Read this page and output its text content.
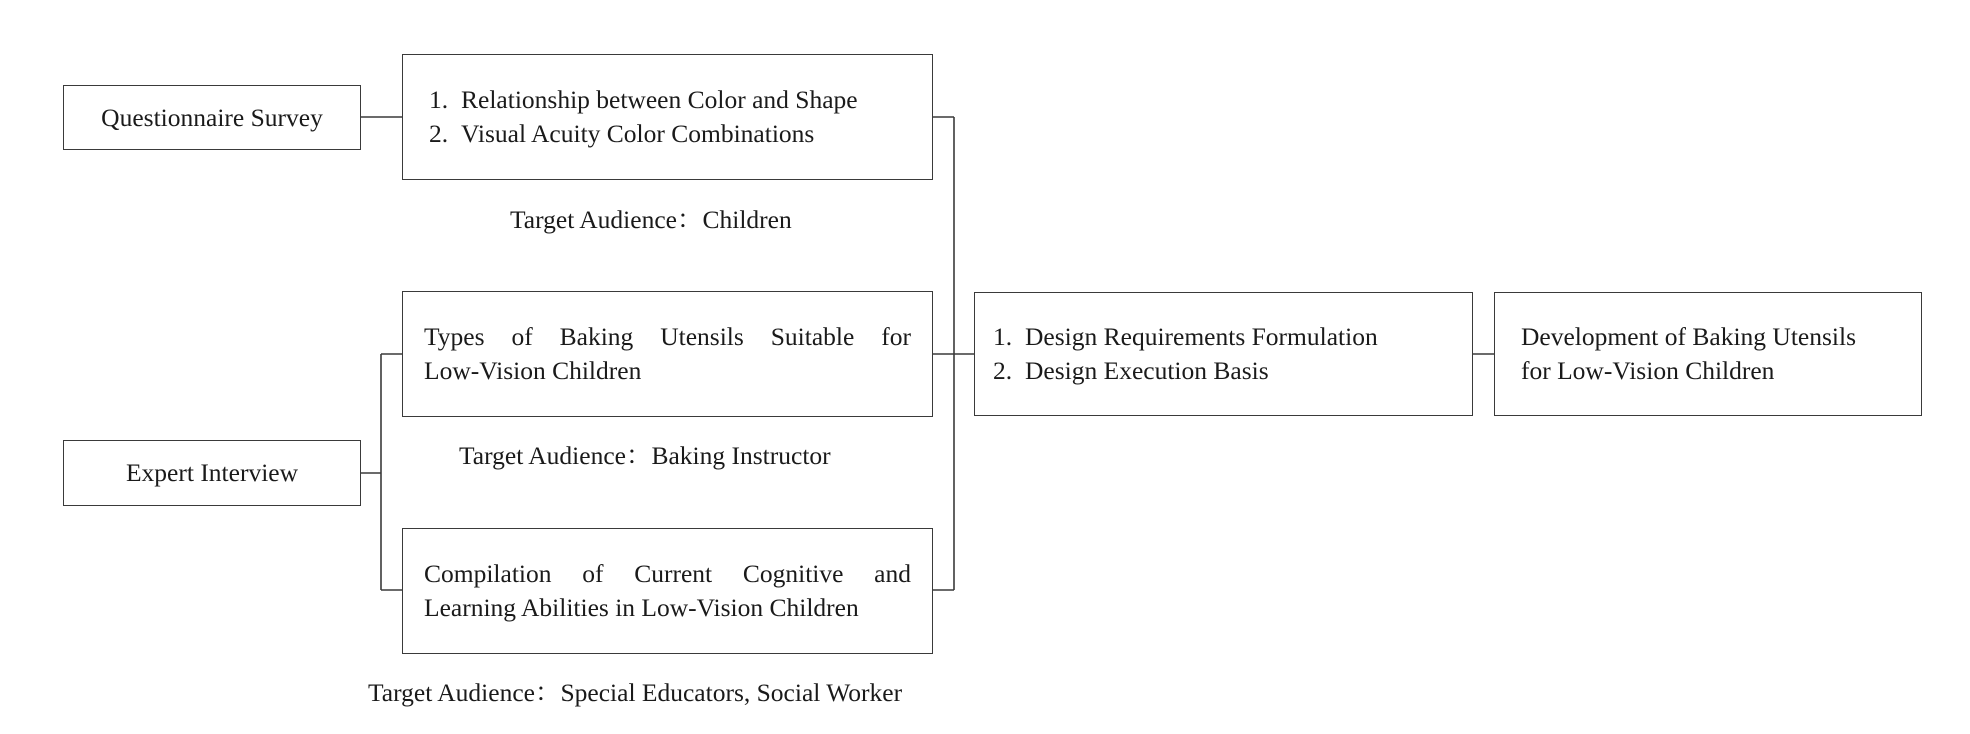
Questionnaire Survey
Expert Interview
1. Relationship between Color and Shape
2. Visual Acuity Color Combinations
Target Audience：Children
Types of Baking Utensils Suitable for
Low-Vision Children
Target Audience：Baking Instructor
Compilation of Current Cognitive and
Learning Abilities in Low-Vision Children
Target Audience：Special Educators, Social Worker
1. Design Requirements Formulation
2. Design Execution Basis
Development of Baking Utensils
for Low-Vision Children
